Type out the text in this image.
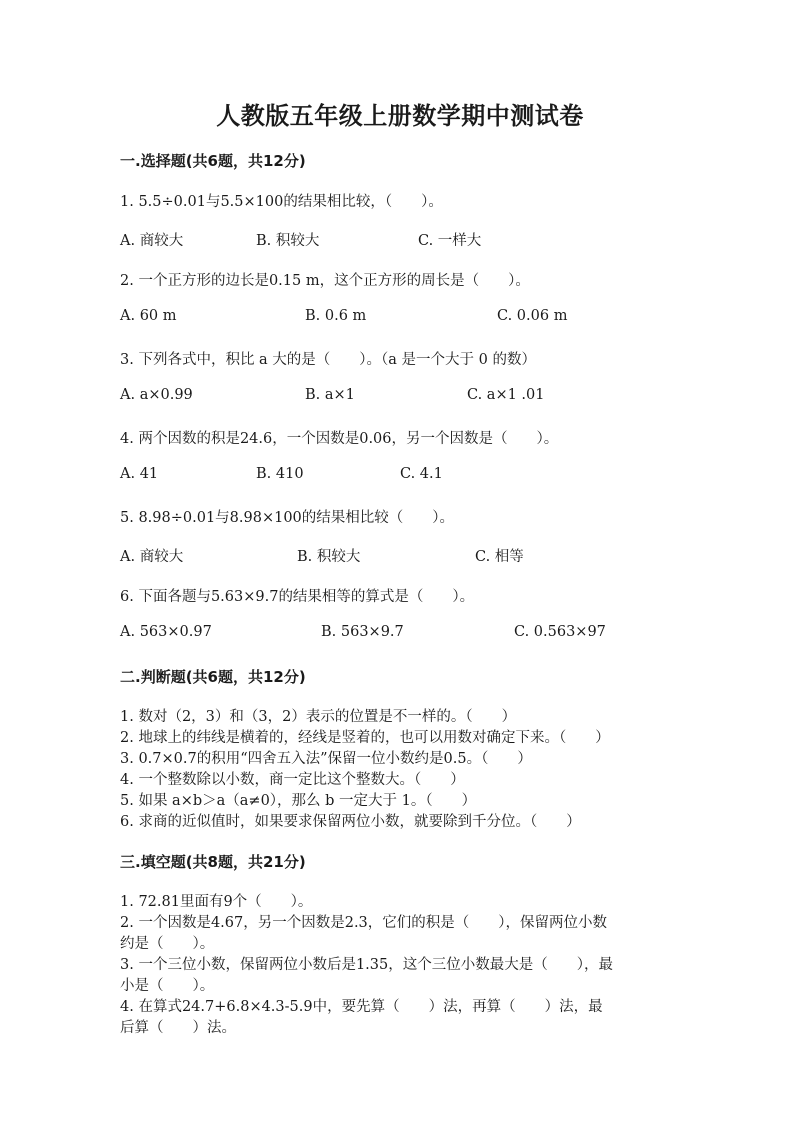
人教版五年级上册数学期中测试卷
一.选择题(共6题，共12分)
1. 5.5÷0.01与5.5×100的结果相比较，（　　）。
A. 商较大	B. 积较大	C. 一样大
2. 一个正方形的边长是0.15 m，这个正方形的周长是（　　）。
A. 60 m	B. 0.6 m	C. 0.06 m
3. 下列各式中，积比 a 大的是（　　）。（a 是一个大于 0 的数）
A. a×0.99	B. a×1	C. a×1 .01
4. 两个因数的积是24.6，一个因数是0.06，另一个因数是（　　）。
A. 41	B. 410	C. 4.1
5. 8.98÷0.01与8.98×100的结果相比较（　　）。
A. 商较大	B. 积较大	C. 相等
6. 下面各题与5.63×9.7的结果相等的算式是（　　）。
A. 563×0.97	B. 563×9.7	C. 0.563×97
二.判断题(共6题，共12分)
1. 数对（2，3）和（3，2）表示的位置是不一样的。（　　）
2. 地球上的纬线是横着的，经线是竖着的，也可以用数对确定下来。（　　）
3. 0.7×0.7的积用“四舍五入法”保留一位小数约是0.5。（　　）
4. 一个整数除以小数，商一定比这个整数大。（　　）
5. 如果 a×b＞a（a≠0），那么 b 一定大于 1。（　　）
6. 求商的近似值时，如果要求保留两位小数，就要除到千分位。（　　）
三.填空题(共8题，共21分)
1. 72.81里面有9个（　　）。
2. 一个因数是4.67，另一个因数是2.3，它们的积是（　　），保留两位小数
约是（　　）。
3. 一个三位小数，保留两位小数后是1.35，这个三位小数最大是（　　），最
小是（　　）。
4. 在算式24.7+6.8×4.3-5.9中，要先算（　　）法，再算（　　）法，最
后算（　　）法。
